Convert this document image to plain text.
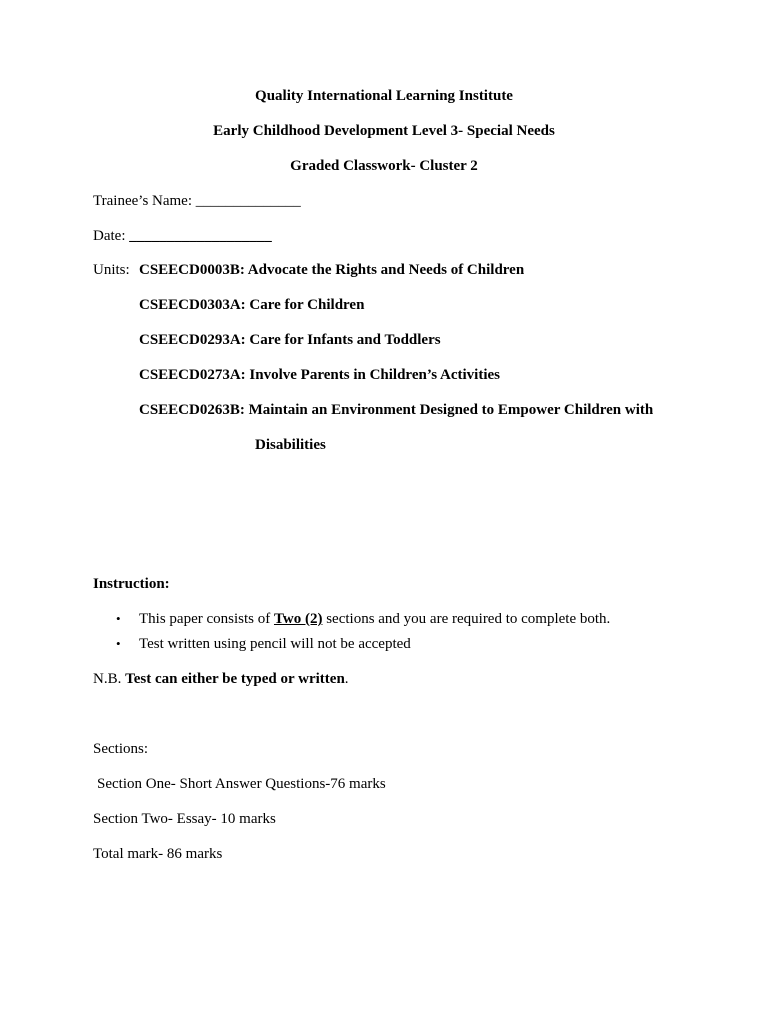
Quality International Learning Institute
Early Childhood Development Level 3- Special Needs
Graded Classwork- Cluster 2
Trainee’s Name: ______________
Date: ___________________
Units: CSEECD0003B: Advocate the Rights and Needs of Children
CSEECD0303A: Care for Children
CSEECD0293A: Care for Infants and Toddlers
CSEECD0273A: Involve Parents in Children’s Activities
CSEECD0263B: Maintain an Environment Designed to Empower Children with
Disabilities
Instruction:
• This paper consists of Two (2) sections and you are required to complete both.
• Test written using pencil will not be accepted
N.B. Test can either be typed or written.
Sections:
Section One- Short Answer Questions-76 marks
Section Two- Essay- 10 marks
Total mark- 86 marks
